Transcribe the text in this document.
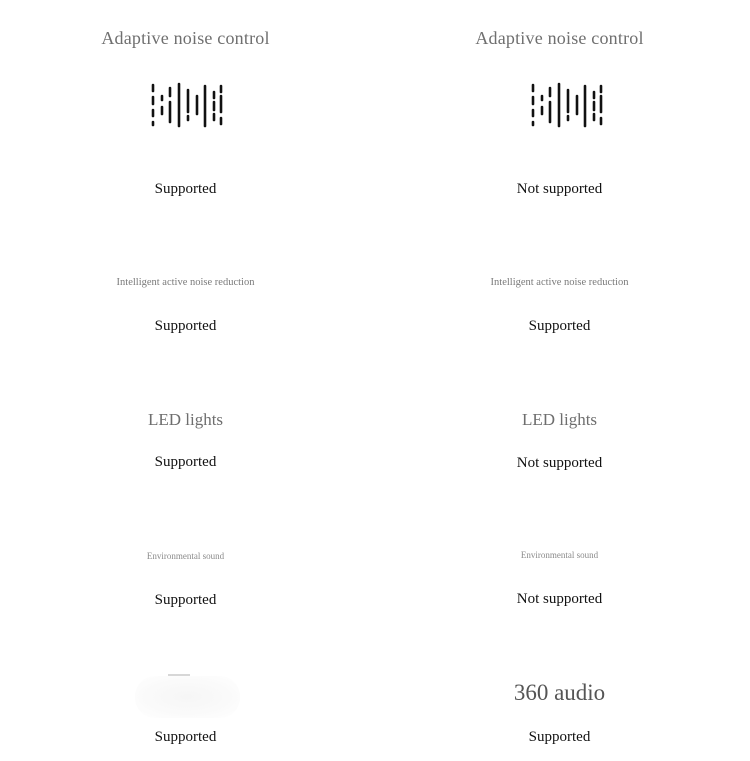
Adaptive noise control
Supported
Intelligent active noise reduction
Supported
LED lights
Supported
Environmental sound
Supported
Supported
Adaptive noise control
Not supported
Intelligent active noise reduction
Supported
LED lights
Not supported
Environmental sound
Not supported
360 audio
Supported
